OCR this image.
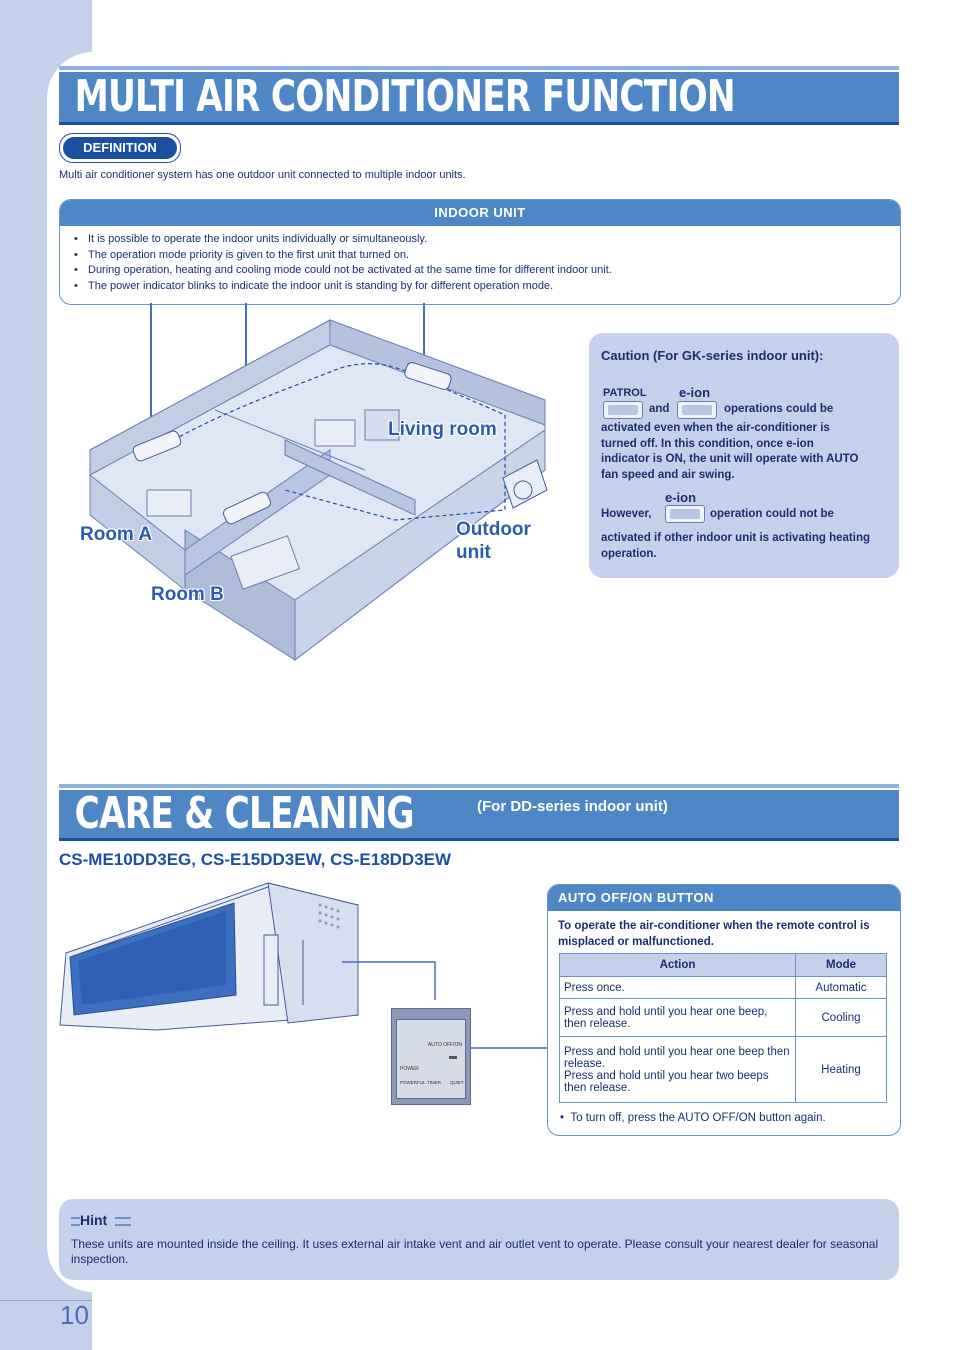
10
MULTI AIR CONDITIONER FUNCTION
DEFINITION
Multi air conditioner system has one outdoor unit connected to multiple indoor units.
INDOOR UNIT
• It is possible to operate the indoor units individually or simultaneously.
• The operation mode priority is given to the first unit that turned on.
• During operation, heating and cooling mode could not be activated at the same time for different indoor unit.
• The power indicator blinks to indicate the indoor unit is standing by for different operation mode.
Living room
Room A
Room B
Outdoor unit
Caution (For GK-series indoor unit):
PATROL e-ion
and	operations could be
activated even when the air-conditioner is turned off. In this condition, once e-ion indicator is ON, the unit will operate with AUTO fan speed and air swing.
e-ion
However,	operation could not be
activated if other indoor unit is activating heating operation.
CARE & CLEANING	(For DD-series indoor unit)
CS-ME10DD3EG, CS-E15DD3EW, CS-E18DD3EW
AUTO OFF/ON
POWER
POWERFUL TIMER QUIET
AUTO OFF/ON BUTTON
To operate the air-conditioner when the remote control is misplaced or malfunctioned.
Action	Mode
Press once.	Automatic
Press and hold until you hear one beep, then release.	Cooling

Press and hold until you hear one beep then release.
Press and hold until you hear two beeps then release.	Heating
•  To turn off, press the AUTO OFF/ON button again.
Hint
These units are mounted inside the ceiling. It uses external air intake vent and air outlet vent to operate. Please consult your nearest dealer for seasonal inspection.
